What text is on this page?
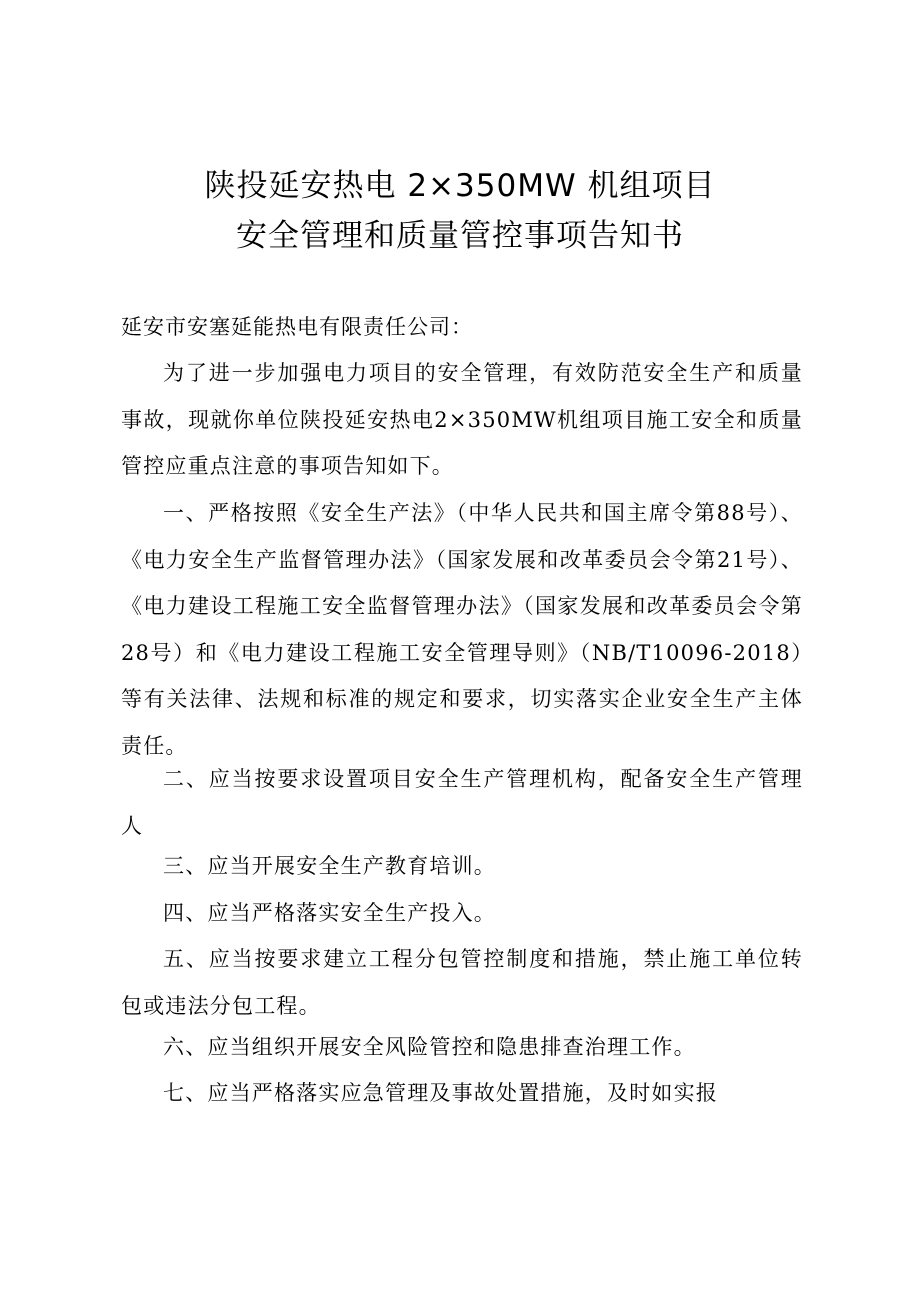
陕投延安热电 2×350MW 机组项目
安全管理和质量管控事项告知书
延安市安塞延能热电有限责任公司：
为了进一步加强电力项目的安全管理，有效防范安全生产和质量事故，现就你单位陕投延安热电2×350MW机组项目施工安全和质量管控应重点注意的事项告知如下。
一、严格按照《安全生产法》（中华人民共和国主席令第88号）、《电力安全生产监督管理办法》（国家发展和改革委员会令第21号）、《电力建设工程施工安全监督管理办法》（国家发展和改革委员会令第28号）和《电力建设工程施工安全管理导则》（NB/T10096-2018）等有关法律、法规和标准的规定和要求，切实落实企业安全生产主体责任。
二、应当按要求设置项目安全生产管理机构，配备安全生产管理人
三、应当开展安全生产教育培训。
四、应当严格落实安全生产投入。
五、应当按要求建立工程分包管控制度和措施，禁止施工单位转包或违法分包工程。
六、应当组织开展安全风险管控和隐患排查治理工作。
七、应当严格落实应急管理及事故处置措施，及时如实报
